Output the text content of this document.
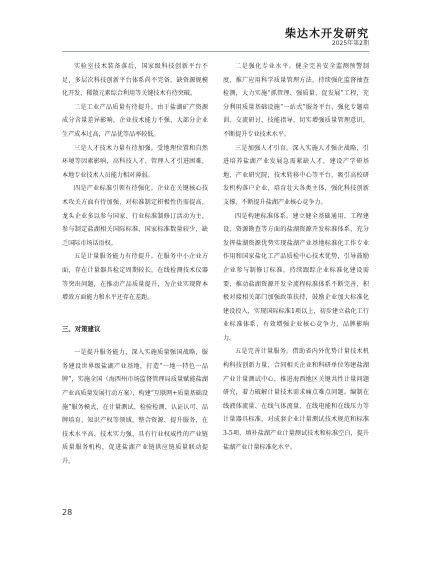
柴达木开发研究
2025年第2期

实验室技术装备落后，国家级科技创新平台不足，多层次科技创新平台体系尚不完备，缺资源规模化开发、稀散元素综合利用等关键技术有待突破。

二是工业产品质量有待提升。由于盐湖矿产资源成分含量差异影响，企业技术能力不强，大部分企业生产成本过高，产品优等品率较低。

三是人才技术力量有待加强。受地理位置和自然环境等因素影响，高科技人才、管理人才引进困难，本地专业技术人员能力相对薄弱。

四是产业标准引领有待强化。企业在关键核心技术攻关方面有待加强，对标准制定积极性仍需提高，龙头企业多以参与国家、行业标准制修订活动为主，参与制定盐湖相关国际标准、国家标准数量较少，缺乏国际市场话语权。

五是计量服务能力有待提升。在服务中小企业方面，存在计量器具检定周期较长，在线检测技术仪器等突出问题，在推动产品质量提升，为企业实现降本增效方面能力和水平还存在差距。

三、对策建议

一是提升服务能力，深入实施质量强国战略，服务建设世界级盐湖产业基地，打造“一地一特色一品牌”，实施全国（海西州市场监督管理局质量赋能盐湖产业高质量发展行动方案），构建“互联网+质量基础设施”服务模式，在计量测试、检验检测、认证认可、品牌培育、知识产权等领域，整合资源、提升服务，在技术水平高、技术实力强、具有行业权威性的产业链质量服务机构，促进盐湖产业链供应链质量联动提升。

二是强化专业水平。健全完善安全监测预警制度，推广应用科学质量管理方法，持续强化监督抽查检测，大力实施“抓管理、强质量、促发展”工程，充分利用质量基础设施“一站式”服务平台，强化专题培训、交流研讨、技能指导，切实增强质量管理意识，不断提升专业技术水平。

三是加强人才引育。深入实施人才强企战略，引进培养盐湖产业发展急需紧缺人才，建设产学研基地，产业研究院，技术转移中心等平台，吸引高校研发机构落户企业，培育壮大各类主体，强化科技创新支撑，不断提升盐湖产业核心竞争力。

四是构建标准体系。建立健全基础通用、工程建设、资源勘查等方面的盐湖资源开发标准体系，充分发挥盐湖资源优势实现盐湖产业基地标准化工作专业作用和国家盐化工产品质检中心技术优势，引导鼓励企业参与制修订标准，持续跟踪企业标准化建设需要，推动盐湖资源开发全流程标准体系不断完善，积极对接相关部门加强政策扶持，鼓励企业加大标准化建设投入，实现国际标准1项以上，初步建立盐化工行业标准体系，有效增强企业核心竞争力、品牌影响力。

五是完善计量服务。借助省内外优势计量技术机构科技创新力量，合同相关企业和科研单位筹建盐湖产业计量测试中心，推进海西地区关键共性计量问题研究，着力破解计量技术需求痛点难点问题。编制在线液体流量、在线气体流量、在线电能和在线压力等计量器具标准，对成套企业计量测试技术规范和标准3-5项，填补盐湖产业计量测试技术和标准空白，提升盐湖产业计量标准化水平。

28
